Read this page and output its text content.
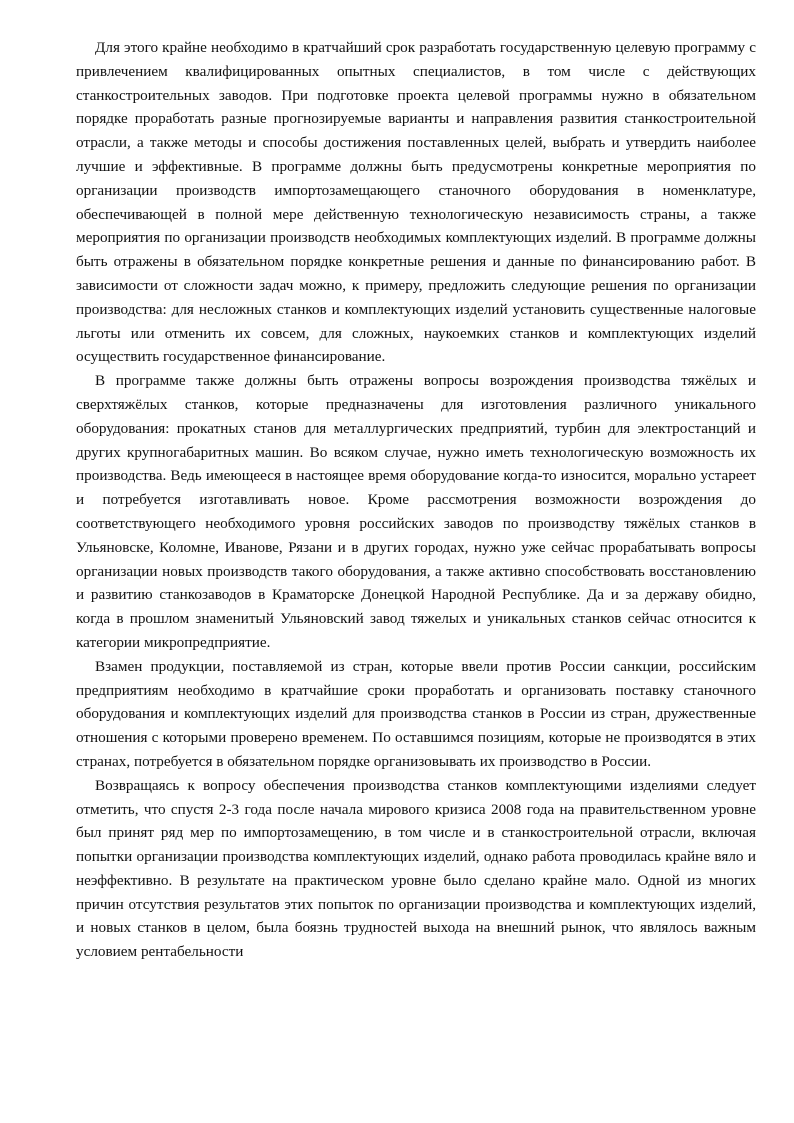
Для этого крайне необходимо в кратчайший срок разработать государственную целевую программу с привлечением квалифицированных опытных специалистов, в том числе с действующих станкостроительных заводов. При подготовке проекта целевой программы нужно в обязательном порядке проработать разные прогнозируемые варианты и направления развития станкостроительной отрасли, а также методы и способы достижения поставленных целей, выбрать и утвердить наиболее лучшие и эффективные. В программе должны быть предусмотрены конкретные мероприятия по организации производств импортозамещающего станочного оборудования в номенклатуре, обеспечивающей в полной мере действенную технологическую независимость страны, а также мероприятия по организации производств необходимых комплектующих изделий. В программе должны быть отражены в обязательном порядке конкретные решения и данные по финансированию работ. В зависимости от сложности задач можно, к примеру, предложить следующие решения по организации производства: для несложных станков и комплектующих изделий установить существенные налоговые льготы или отменить их совсем, для сложных, наукоемких станков и комплектующих изделий осуществить государственное финансирование.

В программе также должны быть отражены вопросы возрождения производства тяжёлых и сверхтяжёлых станков, которые предназначены для изготовления различного уникального оборудования: прокатных станов для металлургических предприятий, турбин для электростанций и других крупногабаритных машин. Во всяком случае, нужно иметь технологическую возможность их производства. Ведь имеющееся в настоящее время оборудование когда-то износится, морально устареет и потребуется изготавливать новое. Кроме рассмотрения возможности возрождения до соответствующего необходимого уровня российских заводов по производству тяжёлых станков в Ульяновске, Коломне, Иванове, Рязани и в других городах, нужно уже сейчас прорабатывать вопросы организации новых производств такого оборудования, а также активно способствовать восстановлению и развитию станкозаводов в Краматорске Донецкой Народной Республике. Да и за державу обидно, когда в прошлом знаменитый Ульяновский завод тяжелых и уникальных станков сейчас относится к категории микропредприятие.

Взамен продукции, поставляемой из стран, которые ввели против России санкции, российским предприятиям необходимо в кратчайшие сроки проработать и организовать поставку станочного оборудования и комплектующих изделий для производства станков в России из стран, дружественные отношения с которыми проверено временем. По оставшимся позициям, которые не производятся в этих странах, потребуется в обязательном порядке организовывать их производство в России.

Возвращаясь к вопросу обеспечения производства станков комплектующими изделиями следует отметить, что спустя 2-3 года после начала мирового кризиса 2008 года на правительственном уровне был принят ряд мер по импортозамещению, в том числе и в станкостроительной отрасли, включая попытки организации производства комплектующих изделий, однако работа проводилась крайне вяло и неэффективно. В результате на практическом уровне было сделано крайне мало. Одной из многих причин отсутствия результатов этих попыток по организации производства и комплектующих изделий, и новых станков в целом, была боязнь трудностей выхода на внешний рынок, что являлось важным условием рентабельности
